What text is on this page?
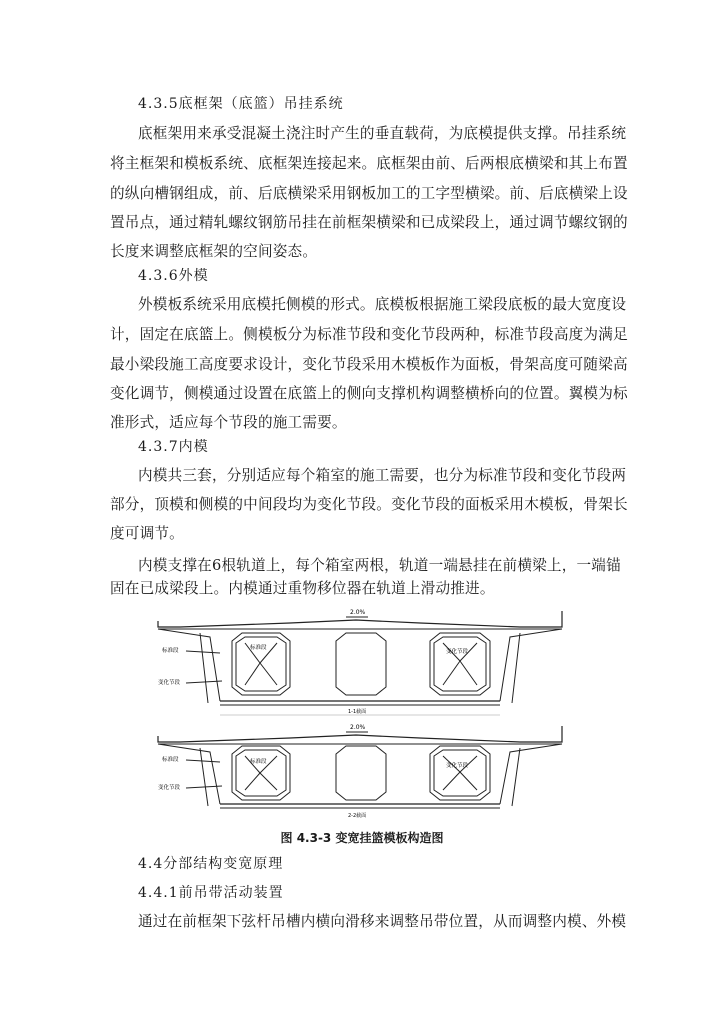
4.3.5底框架（底篮）吊挂系统
底框架用来承受混凝土浇注时产生的垂直载荷，为底模提供支撑。吊挂系统
将主框架和模板系统、底框架连接起来。底框架由前、后两根底横梁和其上布置
的纵向槽钢组成，前、后底横梁采用钢板加工的工字型横梁。前、后底横梁上设
置吊点，通过精轧螺纹钢筋吊挂在前框架横梁和已成梁段上，通过调节螺纹钢的
长度来调整底框架的空间姿态。
4.3.6外模
外模板系统采用底模托侧模的形式。底模板根据施工梁段底板的最大宽度设
计，固定在底篮上。侧模板分为标准节段和变化节段两种，标准节段高度为满足
最小梁段施工高度要求设计，变化节段采用木模板作为面板，骨架高度可随梁高
变化调节，侧模通过设置在底篮上的侧向支撑机构调整横桥向的位置。翼模为标
准形式，适应每个节段的施工需要。
4.3.7内模
内模共三套，分别适应每个箱室的施工需要，也分为标准节段和变化节段两
部分，顶模和侧模的中间段均为变化节段。变化节段的面板采用木模板，骨架长
度可调节。
内模支撑在6根轨道上，每个箱室两根，轨道一端悬挂在前横梁上，一端锚
固在已成梁段上。内模通过重物移位器在轨道上滑动推进。
2.0%
标准段
变化节段
标准段
变化节段
1-1截面
2.0%
标准段
变化节段
标准段
变化节段
2-2截面
图 4.3-3 变宽挂篮模板构造图
4.4分部结构变宽原理
4.4.1前吊带活动装置
通过在前框架下弦杆吊槽内横向滑移来调整吊带位置，从而调整内模、外模
